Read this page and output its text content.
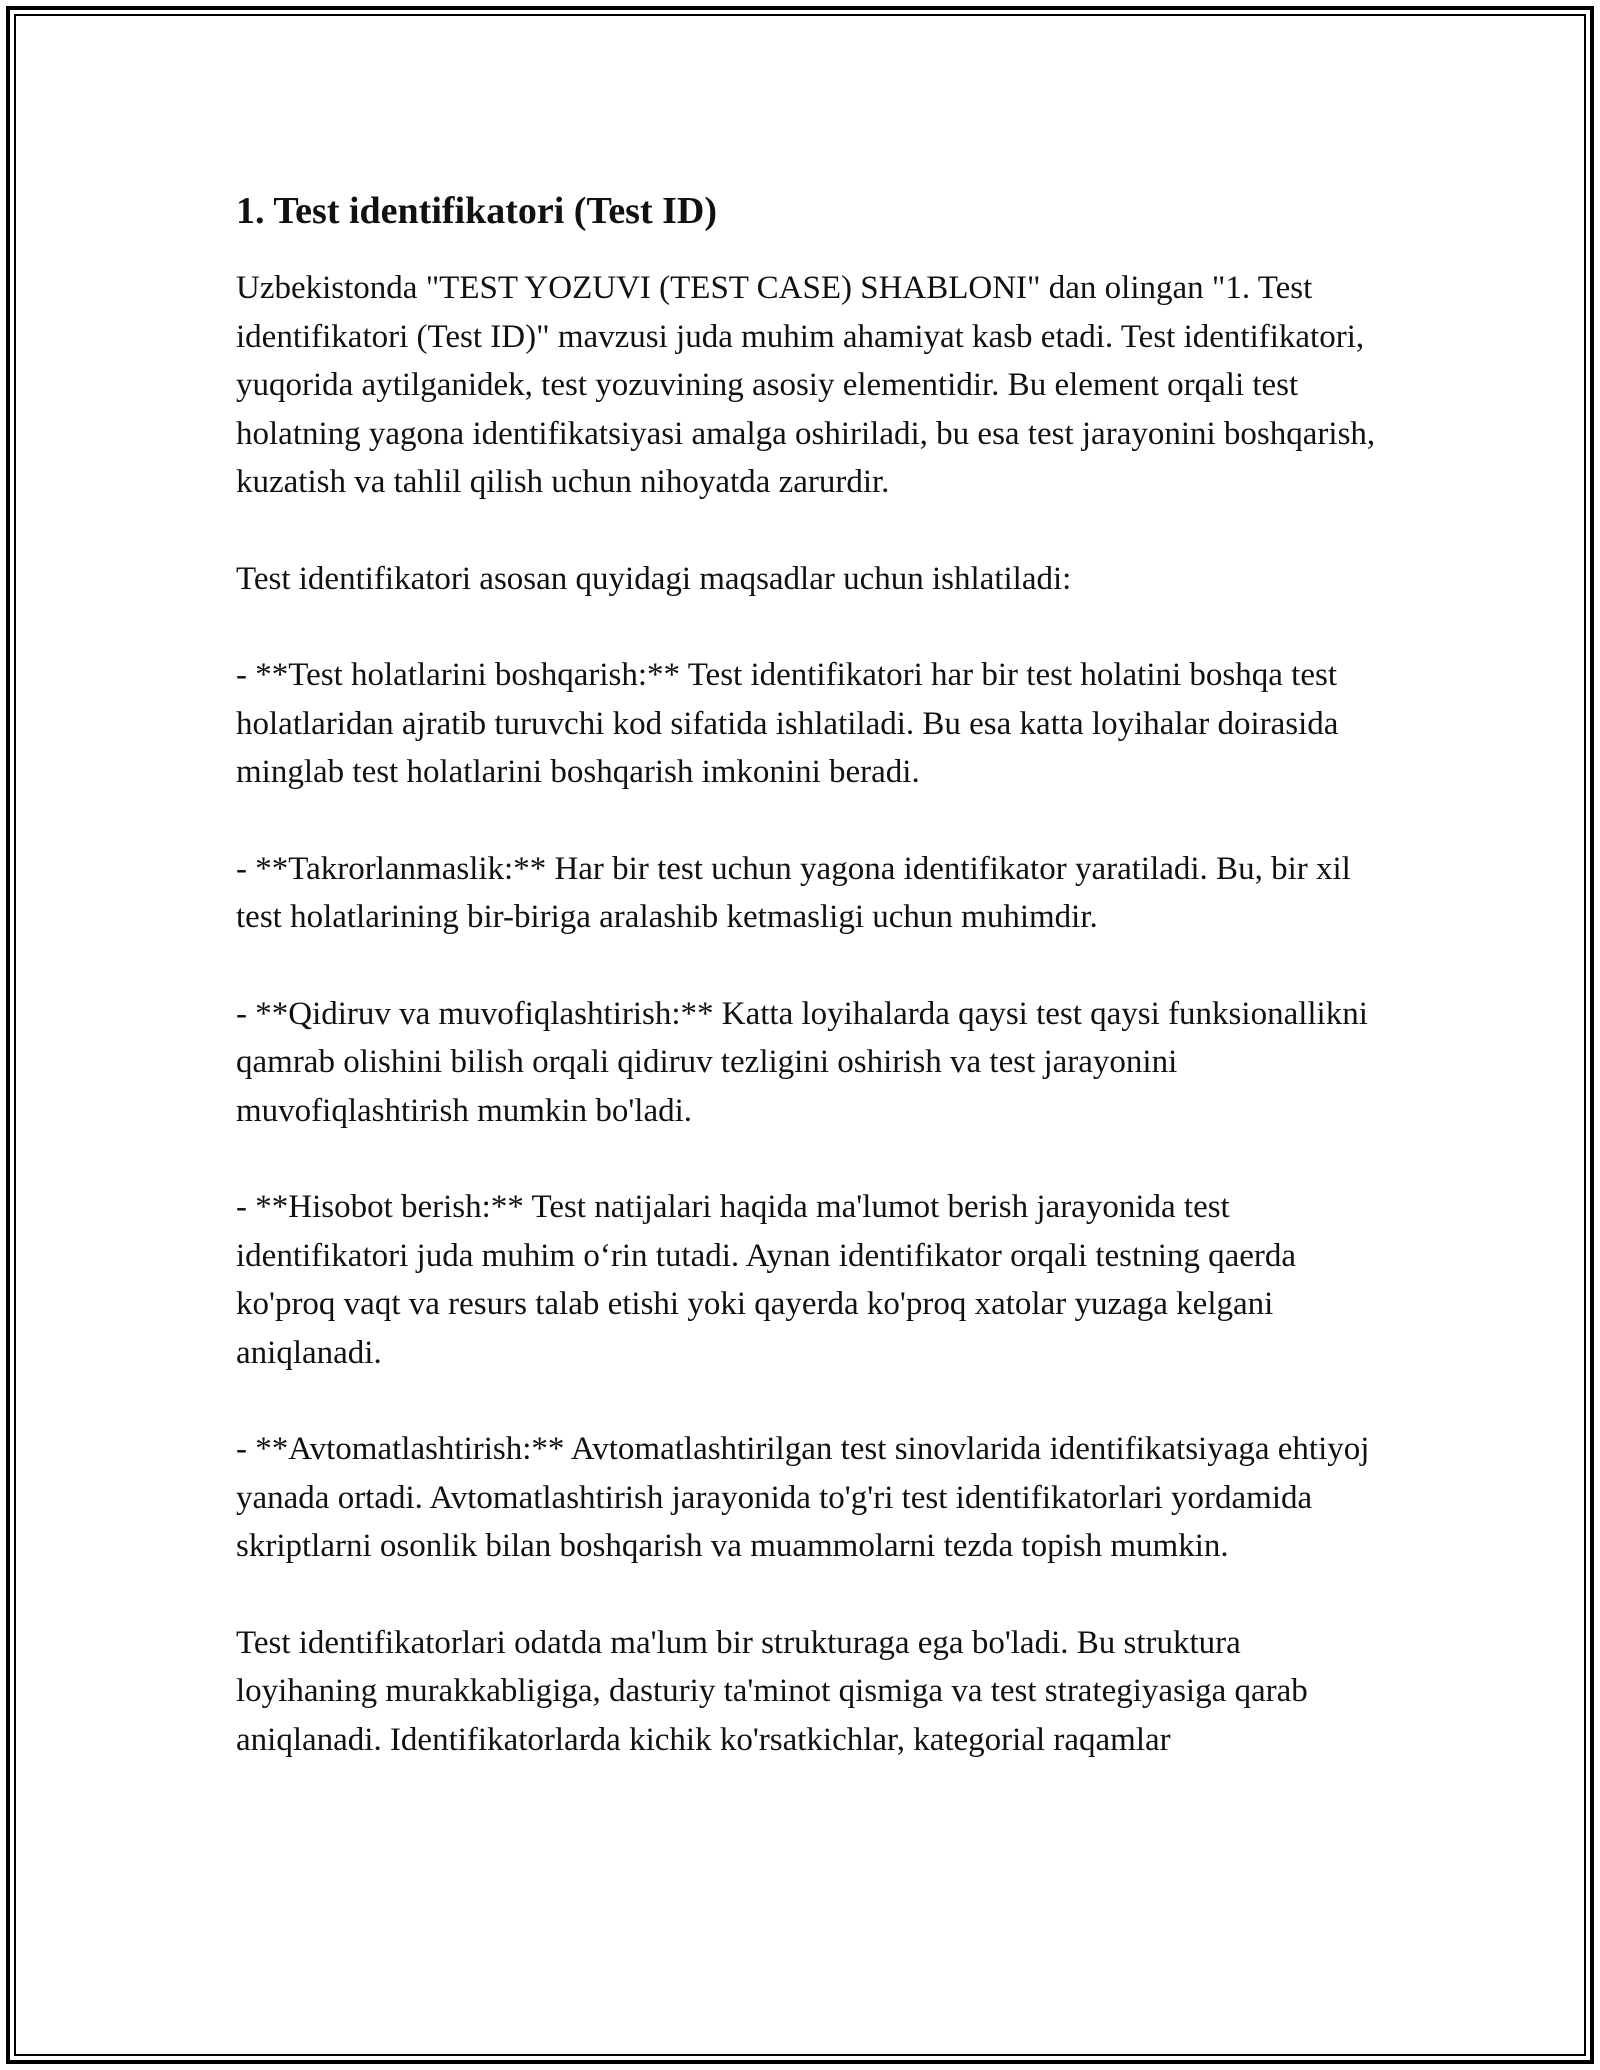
1. Test identifikatori (Test ID)

Uzbekistonda "TEST YOZUVI (TEST CASE) SHABLONI" dan olingan "1. Test identifikatori (Test ID)" mavzusi juda muhim ahamiyat kasb etadi. Test identifikatori, yuqorida aytilganidek, test yozuvining asosiy elementidir. Bu element orqali test holatning yagona identifikatsiyasi amalga oshiriladi, bu esa test jarayonini boshqarish, kuzatish va tahlil qilish uchun nihoyatda zarurdir.

Test identifikatori asosan quyidagi maqsadlar uchun ishlatiladi:

- **Test holatlarini boshqarish:** Test identifikatori har bir test holatini boshqa test holatlaridan ajratib turuvchi kod sifatida ishlatiladi. Bu esa katta loyihalar doirasida minglab test holatlarini boshqarish imkonini beradi.

- **Takrorlanmaslik:** Har bir test uchun yagona identifikator yaratiladi. Bu, bir xil test holatlarining bir-biriga aralashib ketmasligi uchun muhimdir.

- **Qidiruv va muvofiqlashtirish:** Katta loyihalarda qaysi test qaysi funksionallikni qamrab olishini bilish orqali qidiruv tezligini oshirish va test jarayonini muvofiqlashtirish mumkin bo'ladi.

- **Hisobot berish:** Test natijalari haqida ma'lumot berish jarayonida test identifikatori juda muhim o‘rin tutadi. Aynan identifikator orqali testning qaerda ko'proq vaqt va resurs talab etishi yoki qayerda ko'proq xatolar yuzaga kelgani aniqlanadi.

- **Avtomatlashtirish:** Avtomatlashtirilgan test sinovlarida identifikatsiyaga ehtiyoj yanada ortadi. Avtomatlashtirish jarayonida to'g'ri test identifikatorlari yordamida skriptlarni osonlik bilan boshqarish va muammolarni tezda topish mumkin.

Test identifikatorlari odatda ma'lum bir strukturaga ega bo'ladi. Bu struktura loyihaning murakkabligiga, dasturiy ta'minot qismiga va test strategiyasiga qarab aniqlanadi. Identifikatorlarda kichik ko'rsatkichlar, kategorial raqamlar
